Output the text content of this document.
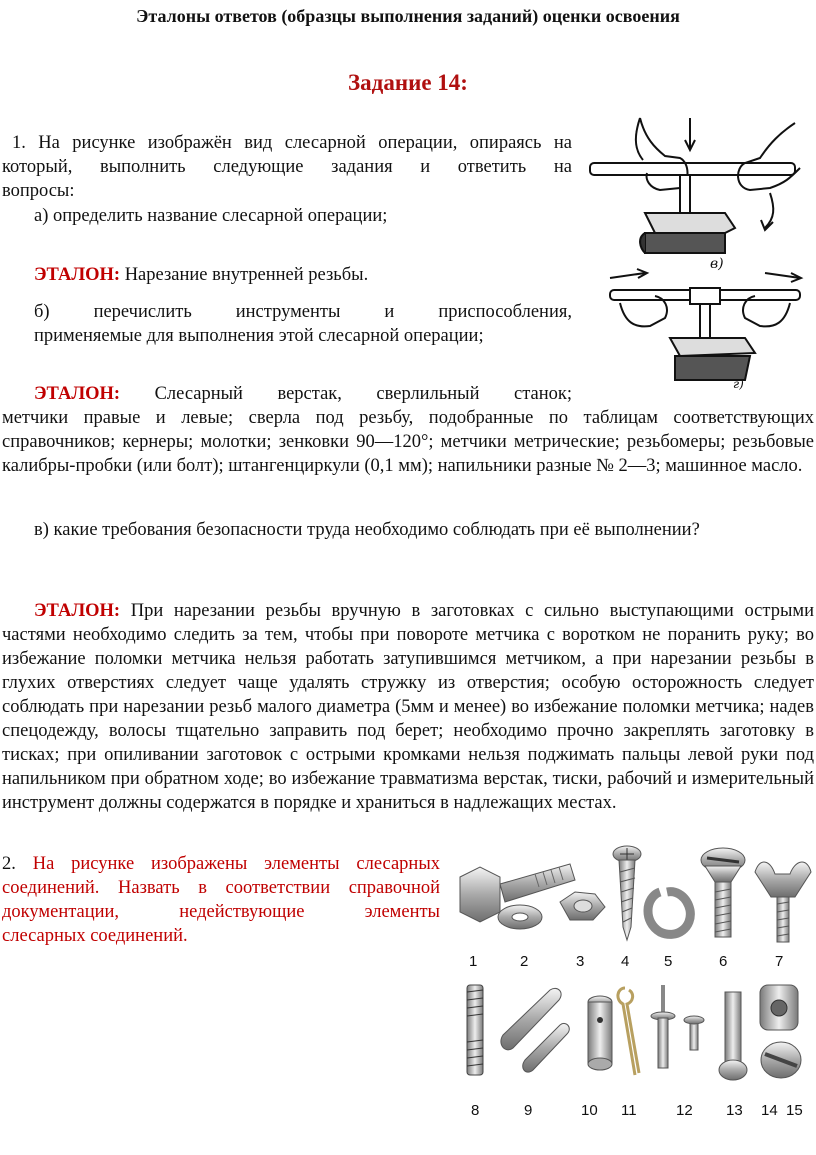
Эталоны ответов (образцы выполнения заданий) оценки освоения
Задание 14:
1. На рисунке изображён вид слесарной операции, опираясь на
который, выполнить следующие задания и ответить на
вопросы:
а) определить название слесарной операции;
ЭТАЛОН: Нарезание внутренней резьбы.
б) перечислить инструменты и приспособления,
применяемые для выполнения этой слесарной операции;
ЭТАЛОН: Слесарный верстак, сверлильный станок;
метчики правые и левые; сверла под резьбу, подобранные по таблицам соответствующих справочников; кернеры; молотки; зенковки 90—120°; метчики метрические; резьбомеры; резьбовые калибры-пробки (или болт); штангенциркули (0,1 мм); напильники разные № 2—3; машинное масло.
в) какие требования безопасности труда необходимо соблюдать при её выполнении?
ЭТАЛОН: При нарезании резьбы вручную в заготовках с сильно выступающими острыми частями необходимо следить за тем, чтобы при повороте метчика с воротком не поранить руку; во избежание поломки метчика нельзя работать затупившимся метчиком, а при нарезании резьбы в глухих отверстиях следует чаще удалять стружку из отверстия; особую осторожность следует соблюдать при нарезании резьб малого диаметра (5мм и менее) во избежание поломки метчика; надев спецодежду, волосы тщательно заправить под берет; необходимо прочно закреплять заготовку в тисках; при опиливании заготовок с острыми кромками нельзя поджимать пальцы левой руки под напильником при обратном ходе; во избежание травматизма верстак, тиски, рабочий и измерительный инструмент должны содержатся в порядке и храниться в надлежащих местах.
2. На рисунке изображены элементы слесарных
соединений. Назвать в соответствии справочной
документации, недействующие элементы
слесарных соединений.
в)
г)
1	2	3 4 5	6	7
8	9	10 11	12 13 14 15
